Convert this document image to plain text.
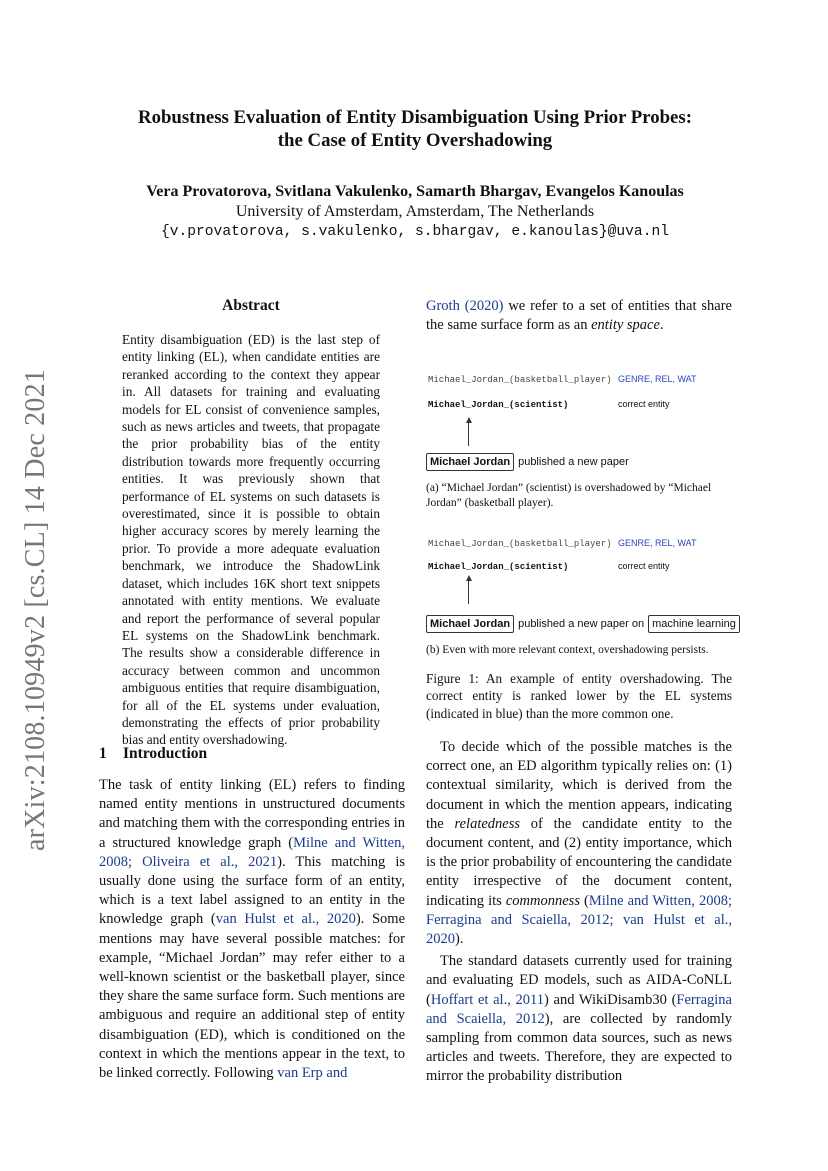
arXiv:2108.10949v2 [cs.CL] 14 Dec 2021
Robustness Evaluation of Entity Disambiguation Using Prior Probes:
the Case of Entity Overshadowing
Vera Provatorova, Svitlana Vakulenko, Samarth Bhargav, Evangelos Kanoulas
University of Amsterdam, Amsterdam, The Netherlands
{v.provatorova, s.vakulenko, s.bhargav, e.kanoulas}@uva.nl
Abstract
Entity disambiguation (ED) is the last step of entity linking (EL), when candidate entities are reranked according to the context they appear in. All datasets for training and evaluating models for EL consist of convenience samples, such as news articles and tweets, that propagate the prior probability bias of the entity distribution towards more frequently occurring entities. It was previously shown that performance of EL systems on such datasets is overestimated, since it is possible to obtain higher accuracy scores by merely learning the prior. To provide a more adequate evaluation benchmark, we introduce the ShadowLink dataset, which includes 16K short text snippets annotated with entity mentions. We evaluate and report the performance of several popular EL systems on the ShadowLink benchmark. The results show a considerable difference in accuracy between common and uncommon ambiguous entities that require disambiguation, for all of the EL systems under evaluation, demonstrating the effects of prior probability bias and entity overshadowing.
1 Introduction
The task of entity linking (EL) refers to finding named entity mentions in unstructured documents and matching them with the corresponding entries in a structured knowledge graph (Milne and Witten, 2008; Oliveira et al., 2021). This matching is usually done using the surface form of an entity, which is a text label assigned to an entity in the knowledge graph (van Hulst et al., 2020). Some mentions may have several possible matches: for example, “Michael Jordan” may refer either to a well-known scientist or the basketball player, since they share the same surface form. Such mentions are ambiguous and require an additional step of entity disambiguation (ED), which is conditioned on the context in which the mentions appear in the text, to be linked correctly. Following van Erp and
Groth (2020) we refer to a set of entities that share the same surface form as an entity space.
Michael_Jordan_(basketball_player) GENRE, REL, WAT
Michael_Jordan_(scientist)	correct entity
Michael Jordan published a new paper
(a) “Michael Jordan” (scientist) is overshadowed by “Michael Jordan” (basketball player).
Michael_Jordan_(basketball_player) GENRE, REL, WAT
Michael_Jordan_(scientist)	correct entity
Michael Jordan published a new paper on machine learning
(b) Even with more relevant context, overshadowing persists.
Figure 1: An example of entity overshadowing. The correct entity is ranked lower by the EL systems (indicated in blue) than the more common one.

To decide which of the possible matches is the correct one, an ED algorithm typically relies on: (1) contextual similarity, which is derived from the document in which the mention appears, indicating the relatedness of the candidate entity to the document content, and (2) entity importance, which is the prior probability of encountering the candidate entity irrespective of the document content, indicating its commonness (Milne and Witten, 2008; Ferragina and Scaiella, 2012; van Hulst et al., 2020).

The standard datasets currently used for training and evaluating ED models, such as AIDA-CoNLL (Hoffart et al., 2011) and WikiDisamb30 (Ferragina and Scaiella, 2012), are collected by randomly sampling from common data sources, such as news articles and tweets. Therefore, they are expected to mirror the probability distribution
